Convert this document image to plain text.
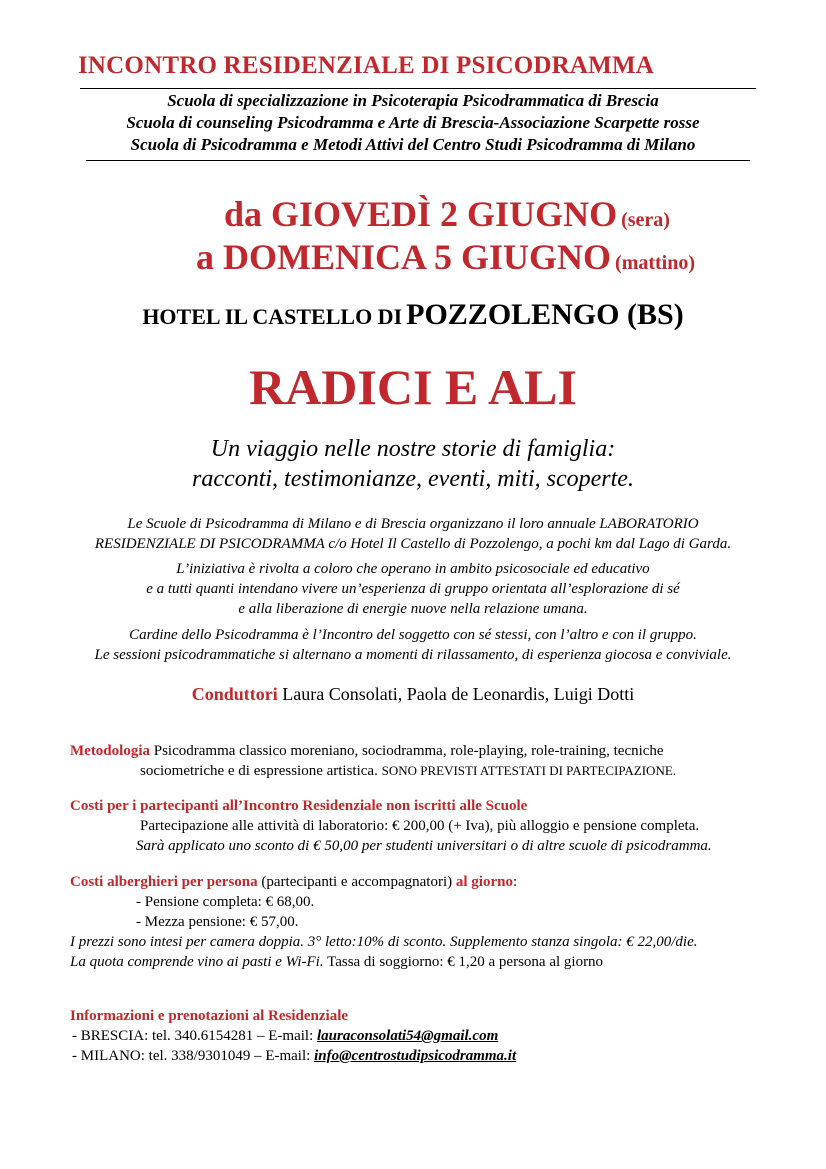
INCONTRO RESIDENZIALE DI PSICODRAMMA
Scuola di specializzazione in Psicoterapia Psicodrammatica di Brescia
Scuola di counseling Psicodramma e Arte di Brescia-Associazione Scarpette rosse
Scuola di Psicodramma e Metodi Attivi del Centro Studi Psicodramma di Milano
da GIOVEDÌ 2 GIUGNO (sera)
a DOMENICA 5 GIUGNO (mattino)
HOTEL IL CASTELLO DI POZZOLENGO (BS)
RADICI E ALI
Un viaggio nelle nostre storie di famiglia:
racconti, testimonianze, eventi, miti, scoperte.
Le Scuole di Psicodramma di Milano e di Brescia organizzano il loro annuale LABORATORIO
RESIDENZIALE DI PSICODRAMMA c/o Hotel Il Castello di Pozzolengo, a pochi km dal Lago di Garda.
L’iniziativa è rivolta a coloro che operano in ambito psicosociale ed educativo
e a tutti quanti intendano vivere un’esperienza di gruppo orientata all’esplorazione di sé
e alla liberazione di energie nuove nella relazione umana.
Cardine dello Psicodramma è l’Incontro del soggetto con sé stessi, con l’altro e con il gruppo.
Le sessioni psicodrammatiche si alternano a momenti di rilassamento, di esperienza giocosa e conviviale.
Conduttori Laura Consolati, Paola de Leonardis, Luigi Dotti
Metodologia Psicodramma classico moreniano, sociodramma, role-playing, role-training, tecniche
sociometriche e di espressione artistica. SONO PREVISTI ATTESTATI DI PARTECIPAZIONE.
Costi per i partecipanti all’Incontro Residenziale non iscritti alle Scuole
Partecipazione alle attività di laboratorio: € 200,00 (+ Iva), più alloggio e pensione completa.
Sarà applicato uno sconto di € 50,00 per studenti universitari o di altre scuole di psicodramma.
Costi alberghieri per persona (partecipanti e accompagnatori) al giorno:
- Pensione completa: € 68,00.
- Mezza pensione: € 57,00.
I prezzi sono intesi per camera doppia. 3° letto:10% di sconto. Supplemento stanza singola: € 22,00/die.
La quota comprende vino ai pasti e Wi-Fi. Tassa di soggiorno: € 1,20 a persona al giorno
Informazioni e prenotazioni al Residenziale
- BRESCIA: tel. 340.6154281 – E-mail: lauraconsolati54@gmail.com
- MILANO: tel. 338/9301049 – E-mail: info@centrostudipsicodramma.it
